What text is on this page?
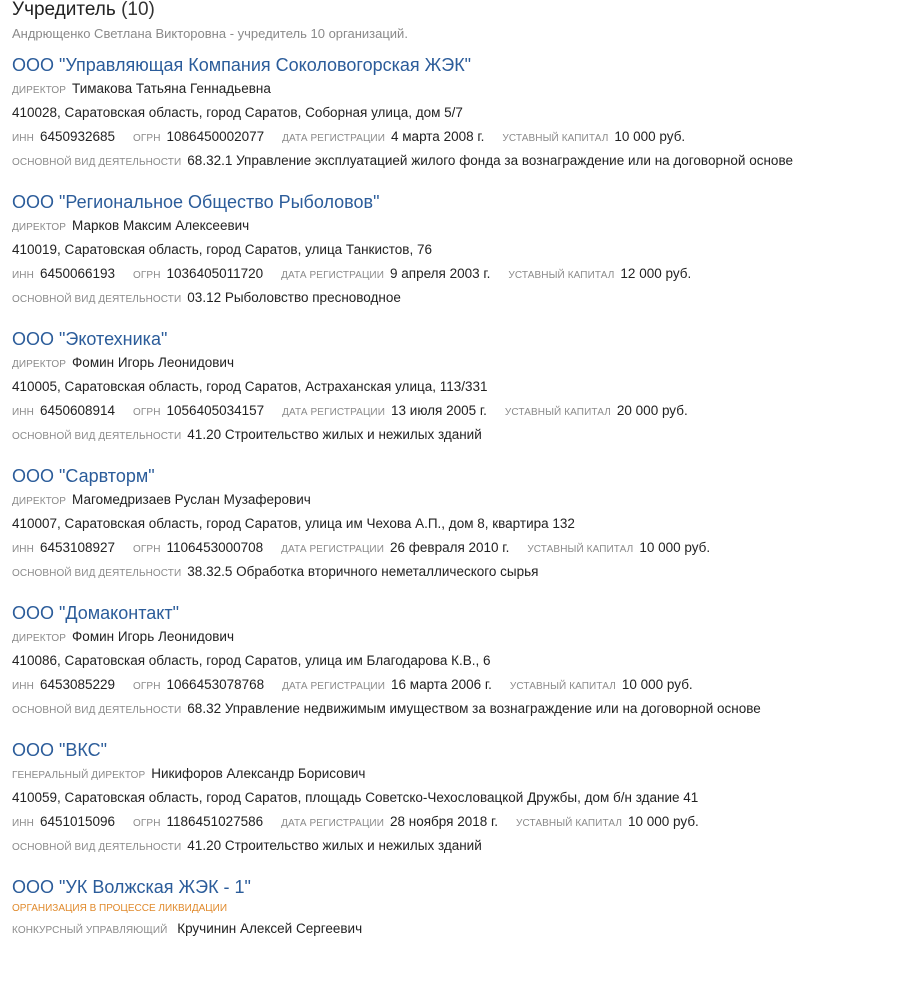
Учредитель (10)
Андрющенко Светлана Викторовна - учредитель 10 организаций.
ООО "Управляющая Компания Соколовогорская ЖЭК"
ДИРЕКТОР Тимакова Татьяна Геннадьевна
410028, Саратовская область, город Саратов, Соборная улица, дом 5/7
ИНН 6450932685 ОГРН 1086450002077 ДАТА РЕГИСТРАЦИИ 4 марта 2008 г. УСТАВНЫЙ КАПИТАЛ 10 000 руб.
ОСНОВНОЙ ВИД ДЕЯТЕЛЬНОСТИ 68.32.1 Управление эксплуатацией жилого фонда за вознаграждение или на договорной основе
ООО "Региональное Общество Рыболовов"
ДИРЕКТОР Марков Максим Алексеевич
410019, Саратовская область, город Саратов, улица Танкистов, 76
ИНН 6450066193 ОГРН 1036405011720 ДАТА РЕГИСТРАЦИИ 9 апреля 2003 г. УСТАВНЫЙ КАПИТАЛ 12 000 руб.
ОСНОВНОЙ ВИД ДЕЯТЕЛЬНОСТИ 03.12 Рыболовство пресноводное
ООО "Экотехника"
ДИРЕКТОР Фомин Игорь Леонидович
410005, Саратовская область, город Саратов, Астраханская улица, 113/331
ИНН 6450608914 ОГРН 1056405034157 ДАТА РЕГИСТРАЦИИ 13 июля 2005 г. УСТАВНЫЙ КАПИТАЛ 20 000 руб.
ОСНОВНОЙ ВИД ДЕЯТЕЛЬНОСТИ 41.20 Строительство жилых и нежилых зданий
ООО "Сарвторм"
ДИРЕКТОР Магомедризаев Руслан Музаферович
410007, Саратовская область, город Саратов, улица им Чехова А.П., дом 8, квартира 132
ИНН 6453108927 ОГРН 1106453000708 ДАТА РЕГИСТРАЦИИ 26 февраля 2010 г. УСТАВНЫЙ КАПИТАЛ 10 000 руб.
ОСНОВНОЙ ВИД ДЕЯТЕЛЬНОСТИ 38.32.5 Обработка вторичного неметаллического сырья
ООО "Домаконтакт"
ДИРЕКТОР Фомин Игорь Леонидович
410086, Саратовская область, город Саратов, улица им Благодарова К.В., 6
ИНН 6453085229 ОГРН 1066453078768 ДАТА РЕГИСТРАЦИИ 16 марта 2006 г. УСТАВНЫЙ КАПИТАЛ 10 000 руб.
ОСНОВНОЙ ВИД ДЕЯТЕЛЬНОСТИ 68.32 Управление недвижимым имуществом за вознаграждение или на договорной основе
ООО "ВКС"
ГЕНЕРАЛЬНЫЙ ДИРЕКТОР Никифоров Александр Борисович
410059, Саратовская область, город Саратов, площадь Советско-Чехословацкой Дружбы, дом б/н здание 41
ИНН 6451015096 ОГРН 1186451027586 ДАТА РЕГИСТРАЦИИ 28 ноября 2018 г. УСТАВНЫЙ КАПИТАЛ 10 000 руб.
ОСНОВНОЙ ВИД ДЕЯТЕЛЬНОСТИ 41.20 Строительство жилых и нежилых зданий
ООО "УК Волжская ЖЭК - 1"
ОРГАНИЗАЦИЯ В ПРОЦЕССЕ ЛИКВИДАЦИИ
КОНКУРСНЫЙ УПРАВЛЯЮЩИЙ Кручинин Алексей Сергеевич
